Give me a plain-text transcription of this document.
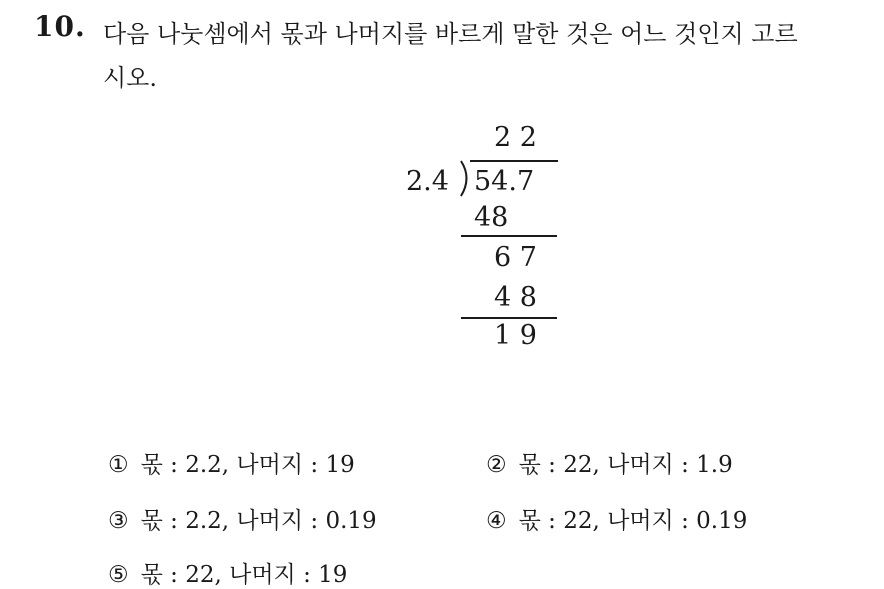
10. 다음 나눗셈에서 몫과 나머지를 바르게 말한 것은 어느 것인지 고르
시오.
2 2
2.4 54.7
48
6 7
4 8
1 9
① 몫 : 2.2, 나머지 : 19	② 몫 : 22, 나머지 : 1.9
③ 몫 : 2.2, 나머지 : 0.19	④ 몫 : 22, 나머지 : 0.19
⑤ 몫 : 22, 나머지 : 19
